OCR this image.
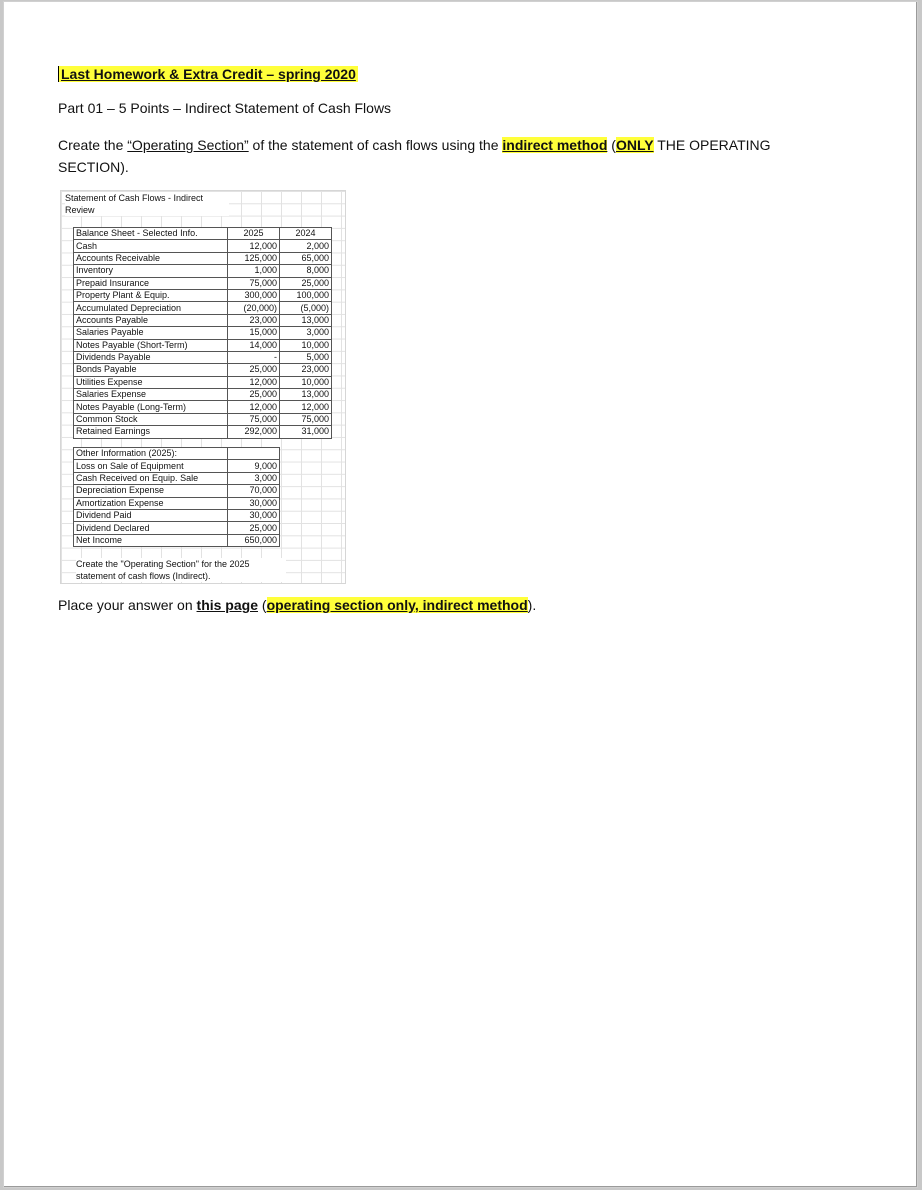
Last Homework & Extra Credit – spring 2020
Part 01 – 5 Points – Indirect Statement of Cash Flows
Create the “Operating Section” of the statement of cash flows using the indirect method (ONLY THE OPERATING SECTION).
Statement of Cash Flows - Indirect
Review
Balance Sheet - Selected Info.	2025	2024
Cash	12,000	2,000
Accounts Receivable	125,000	65,000
Inventory	1,000	8,000
Prepaid Insurance	75,000	25,000
Property Plant & Equip.	300,000	100,000
Accumulated Depreciation	(20,000)	(5,000)
Accounts Payable	23,000	13,000
Salaries Payable	15,000	3,000
Notes Payable (Short-Term)	14,000	10,000
Dividends Payable	-	5,000
Bonds Payable	25,000	23,000
Utilities Expense	12,000	10,000
Salaries Expense	25,000	13,000
Notes Payable (Long-Term)	12,000	12,000
Common Stock	75,000	75,000
Retained Earnings	292,000	31,000
Other Information (2025):	
Loss on Sale of Equipment	9,000
Cash Received on Equip. Sale	3,000
Depreciation Expense	70,000
Amortization Expense	30,000
Dividend Paid	30,000
Dividend Declared	25,000
Net Income	650,000
Create the "Operating Section" for the 2025
statement of cash flows (Indirect).
Place your answer on this page (operating section only, indirect method).
